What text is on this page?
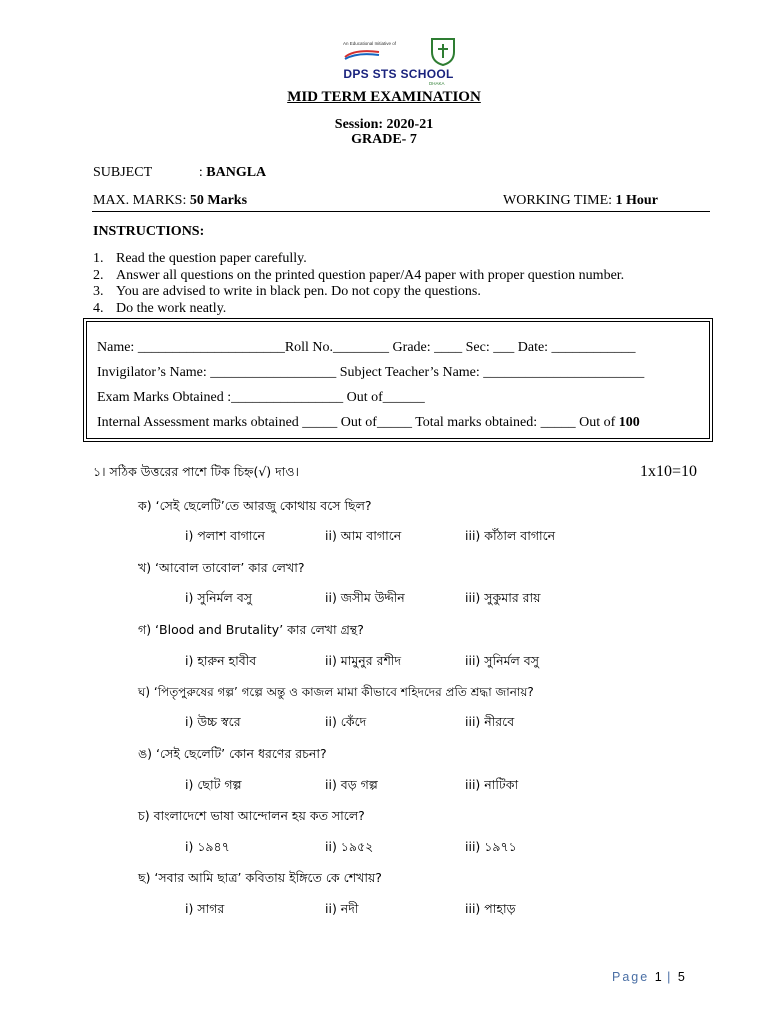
An Educational Initiative of
DPS STS SCHOOL
DHAKA
MID TERM EXAMINATION
Session: 2020-21
GRADE- 7
SUBJECT	: BANGLA
MAX. MARKS: 50 Marks	WORKING TIME: 1 Hour
INSTRUCTIONS:
1. Read the question paper carefully.
2. Answer all questions on the printed question paper/A4 paper with proper question number.
3. You are advised to write in black pen. Do not copy the questions.
4. Do the work neatly.
Name: _____________________Roll No.________ Grade: ____ Sec: ___ Date: ____________
Invigilator’s Name: __________________ Subject Teacher’s Name: _______________________
Exam Marks Obtained :________________ Out of______
Internal Assessment marks obtained _____ Out of_____ Total marks obtained: _____ Out of 100
১। সঠিক উত্তরের পাশে টিক চিহ্ন(√) দাও।	1x10=10
ক) ‘সেই ছেলেটি’তে আরজু কোথায় বসে ছিল?
i) পলাশ বাগানে	ii) আম বাগানে	iii) কাঁঠাল বাগানে
খ) ‘আবোল তাবোল’ কার লেখা?
i) সুনির্মল বসু	ii) জসীম উদ্দীন	iii) সুকুমার রায়
গ) ‘Blood and Brutality’ কার লেখা গ্রন্থ?
i) হারুন হাবীব	ii) মামুনুর রশীদ	iii) সুনির্মল বসু
ঘ) ‘পিতৃপুরুষের গল্প’ গল্পে অন্তু ও কাজল মামা কীভাবে শহিদদের প্রতি শ্রদ্ধা জানায়?
i) উচ্চ স্বরে	ii) কেঁদে	iii) নীরবে
ঙ) ‘সেই ছেলেটি’ কোন ধরণের রচনা?
i) ছোট গল্প	ii) বড় গল্প	iii) নাটিকা
চ) বাংলাদেশে ভাষা আন্দোলন হয় কত সালে?
i) ১৯৪৭	ii) ১৯৫২	iii) ১৯৭১
ছ) ‘সবার আমি ছাত্র’ কবিতায় ইঙ্গিতে কে শেখায়?
i) সাগর	ii) নদী	iii) পাহাড়
Page 1 | 5
